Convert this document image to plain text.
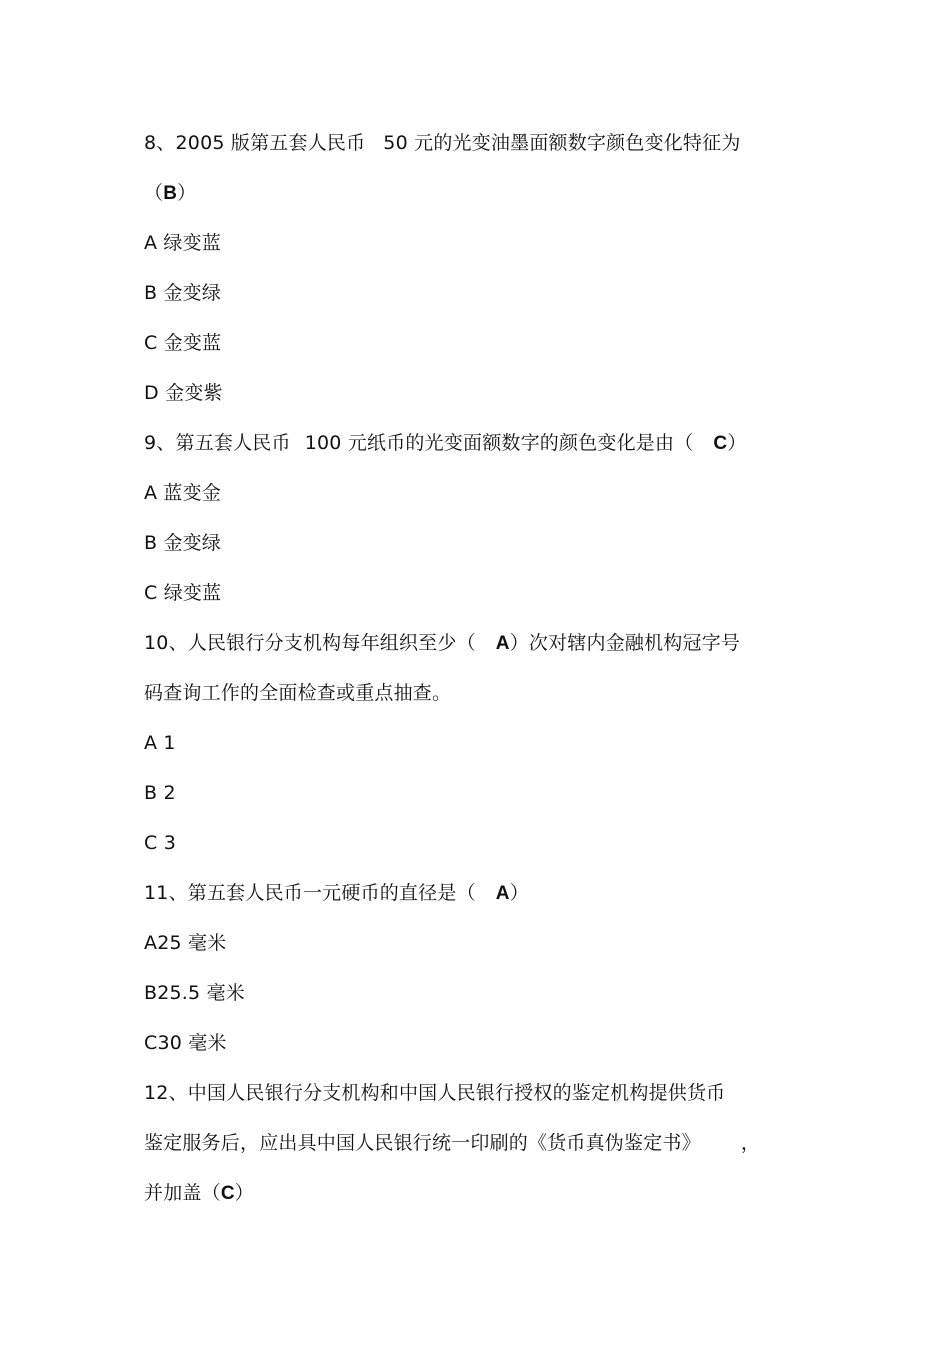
8、2005 版第五套人民币 50 元的光变油墨面额数字颜色变化特征为
（B）
A 绿变蓝
B 金变绿
C 金变蓝
D 金变紫
9、第五套人民币 100 元纸币的光变面额数字的颜色变化是由（ C）
A 蓝变金
B 金变绿
C 绿变蓝
10、人民银行分支机构每年组织至少（ A）次对辖内金融机构冠字号
码查询工作的全面检查或重点抽查。
A 1
B 2
C 3
11、第五套人民币一元硬币的直径是（ A）
A25 毫米
B25.5 毫米
C30 毫米
12、中国人民银行分支机构和中国人民银行授权的鉴定机构提供货币
鉴定服务后，应出具中国人民银行统一印刷的《货币真伪鉴定书》 ，
并加盖（C）
